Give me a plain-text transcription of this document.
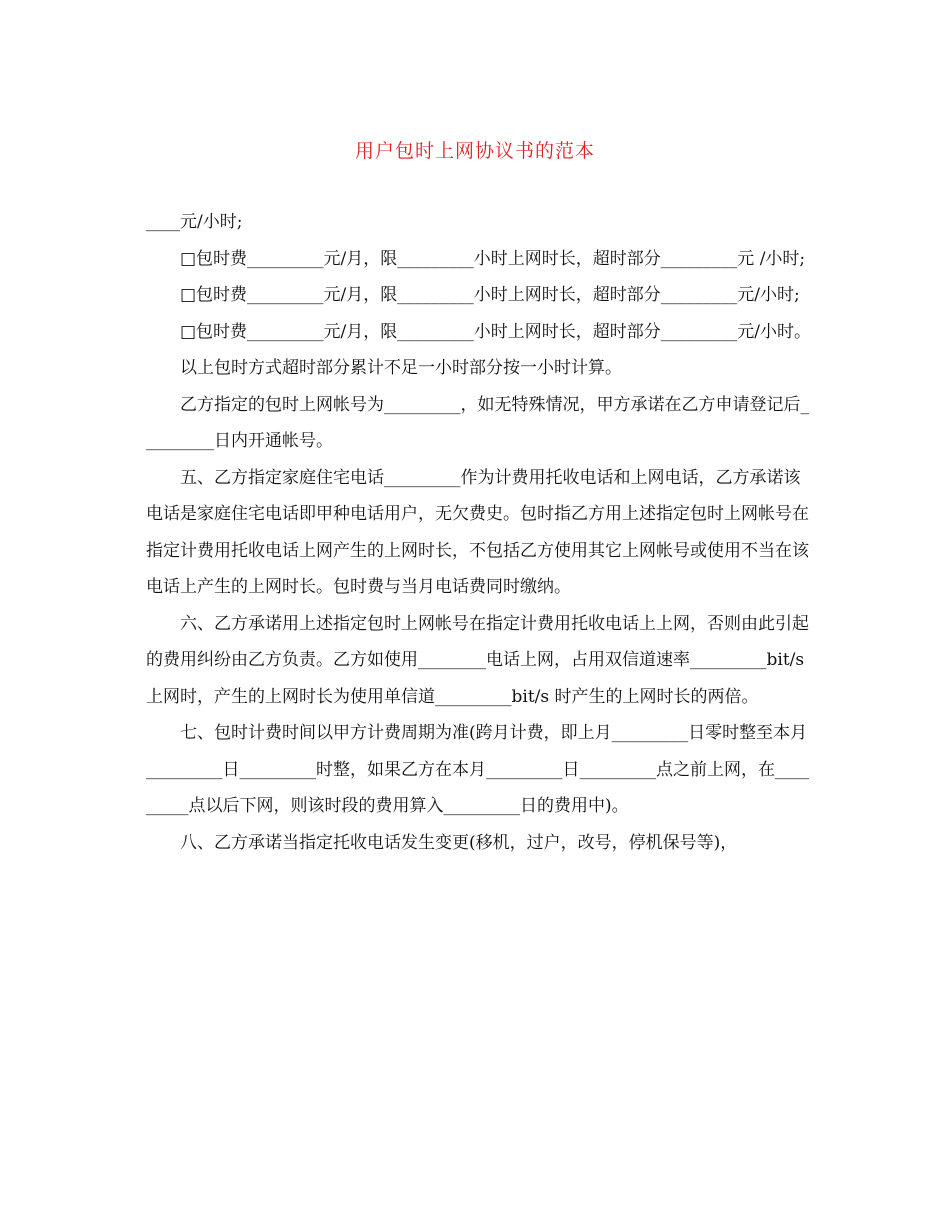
用户包时上网协议书的范本

____元/小时;

□包时费_________元/月，限_________小时上网时长，超时部分_________元 /小时;

□包时费_________元/月，限_________小时上网时长，超时部分_________元/小时;

□包时费_________元/月，限_________小时上网时长，超时部分_________元/小时。

以上包时方式超时部分累计不足一小时部分按一小时计算。

乙方指定的包时上网帐号为_________，如无特殊情况，甲方承诺在乙方申请登记后_________日内开通帐号。

五、乙方指定家庭住宅电话_________作为计费用托收电话和上网电话，乙方承诺该电话是家庭住宅电话即甲种电话用户，无欠费史。包时指乙方用上述指定包时上网帐号在指定计费用托收电话上网产生的上网时长，不包括乙方使用其它上网帐号或使用不当在该电话上产生的上网时长。包时费与当月电话费同时缴纳。

六、乙方承诺用上述指定包时上网帐号在指定计费用托收电话上上网，否则由此引起的费用纠纷由乙方负责。乙方如使用________电话上网，占用双信道速率_________bit/s 上网时，产生的上网时长为使用单信道_________bit/s 时产生的上网时长的两倍。

七、包时计费时间以甲方计费周期为准(跨月计费，即上月_________日零时整至本月_________日_________时整，如果乙方在本月_________日_________点之前上网，在_________点以后下网，则该时段的费用算入_________日的费用中)。

八、乙方承诺当指定托收电话发生变更(移机，过户，改号，停机保号等)，
